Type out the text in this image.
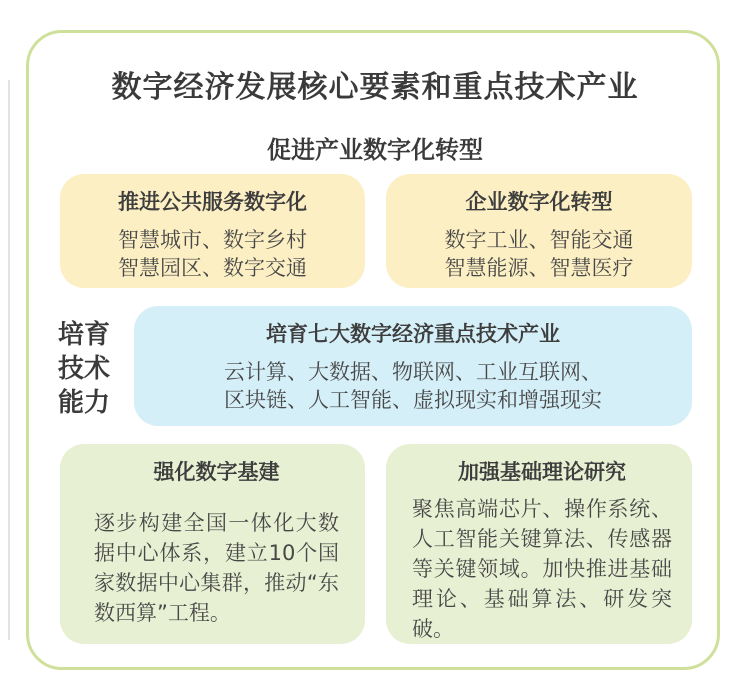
数字经济发展核心要素和重点技术产业
促进产业数字化转型
推进公共服务数字化
智慧城市、数字乡村
智慧园区、数字交通
企业数字化转型
数字工业、智能交通
智慧能源、智慧医疗
培育
技术
能力
培育七大数字经济重点技术产业
云计算、大数据、物联网、工业互联网、
区块链、人工智能、虚拟现实和增强现实
强化数字基建
逐步构建全国一体化大数据中心体系，建立10个国家数据中心集群，推动“东数西算”工程。
加强基础理论研究
聚焦高端芯片、操作系统、人工智能关键算法、传感器等关键领域。加快推进基础理论、基础算法、研发突破。
